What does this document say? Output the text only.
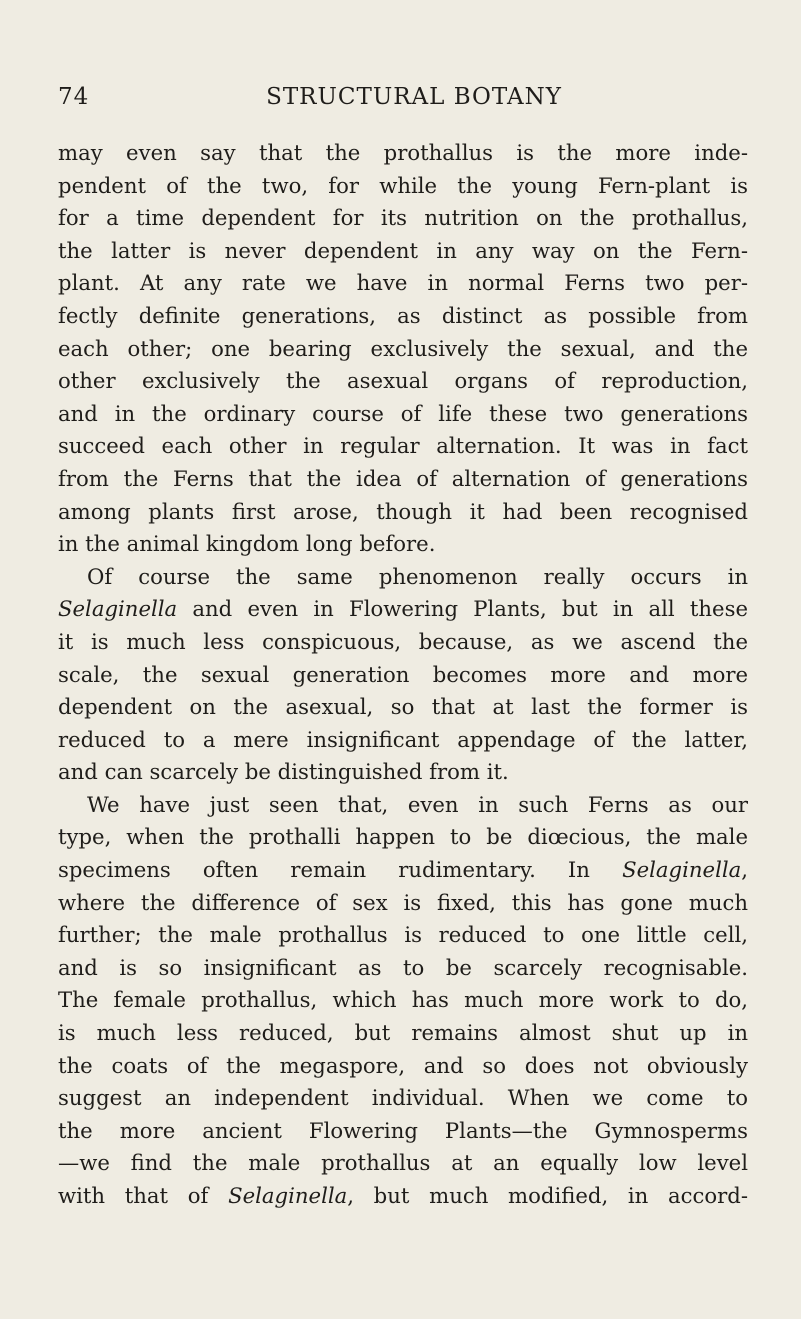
74	STRUCTURAL BOTANY
may even say that the prothallus is the more inde-
pendent of the two, for while the young Fern-plant is
for a time dependent for its nutrition on the prothallus,
the latter is never dependent in any way on the Fern-
plant. At any rate we have in normal Ferns two per-
fectly definite generations, as distinct as possible from
each other; one bearing exclusively the sexual, and the
other exclusively the asexual organs of reproduction,
and in the ordinary course of life these two generations
succeed each other in regular alternation. It was in fact
from the Ferns that the idea of alternation of generations
among plants first arose, though it had been recognised
in the animal kingdom long before.
Of course the same phenomenon really occurs in
Selaginella and even in Flowering Plants, but in all these
it is much less conspicuous, because, as we ascend the
scale, the sexual generation becomes more and more
dependent on the asexual, so that at last the former is
reduced to a mere insignificant appendage of the latter,
and can scarcely be distinguished from it.
We have just seen that, even in such Ferns as our
type, when the prothalli happen to be diœcious, the male
specimens often remain rudimentary. In Selaginella,
where the difference of sex is fixed, this has gone much
further; the male prothallus is reduced to one little cell,
and is so insignificant as to be scarcely recognisable.
The female prothallus, which has much more work to do,
is much less reduced, but remains almost shut up in
the coats of the megaspore, and so does not obviously
suggest an independent individual. When we come to
the more ancient Flowering Plants—the Gymnosperms
—we find the male prothallus at an equally low level
with that of Selaginella, but much modified, in accord-
